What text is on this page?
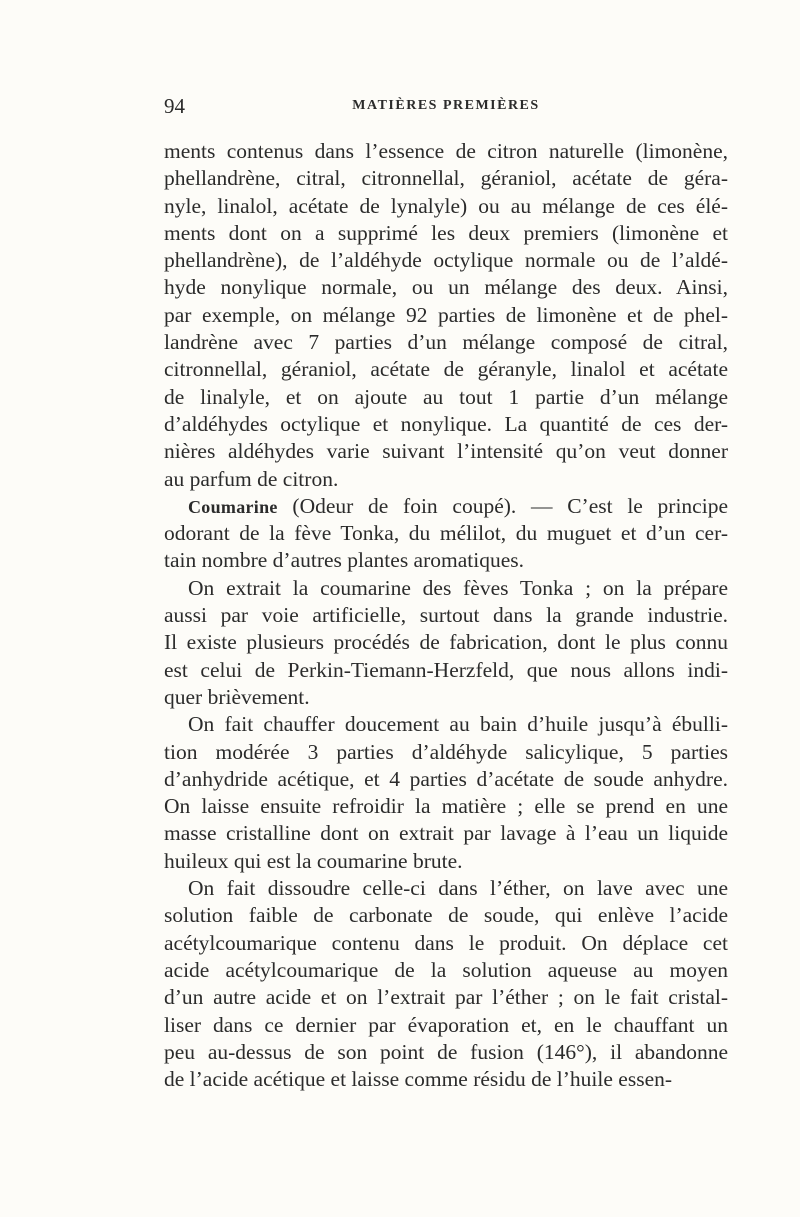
94	MATIÈRES PREMIÈRES
ments contenus dans l’essence de citron naturelle (limonène,
phellandrène, citral, citronnellal, géraniol, acétate de géra-
nyle, linalol, acétate de lynalyle) ou au mélange de ces élé-
ments dont on a supprimé les deux premiers (limonène et
phellandrène), de l’aldéhyde octylique normale ou de l’aldé-
hyde nonylique normale, ou un mélange des deux. Ainsi,
par exemple, on mélange 92 parties de limonène et de phel-
landrène avec 7 parties d’un mélange composé de citral,
citronnellal, géraniol, acétate de géranyle, linalol et acétate
de linalyle, et on ajoute au tout 1 partie d’un mélange
d’aldéhydes octylique et nonylique. La quantité de ces der-
nières aldéhydes varie suivant l’intensité qu’on veut donner
au parfum de citron.
Coumarine (Odeur de foin coupé). — C’est le principe
odorant de la fève Tonka, du mélilot, du muguet et d’un cer-
tain nombre d’autres plantes aromatiques.
On extrait la coumarine des fèves Tonka ; on la prépare
aussi par voie artificielle, surtout dans la grande industrie.
Il existe plusieurs procédés de fabrication, dont le plus connu
est celui de Perkin-Tiemann-Herzfeld, que nous allons indi-
quer brièvement.
On fait chauffer doucement au bain d’huile jusqu’à ébulli-
tion modérée 3 parties d’aldéhyde salicylique, 5 parties
d’anhydride acétique, et 4 parties d’acétate de soude anhydre.
On laisse ensuite refroidir la matière ; elle se prend en une
masse cristalline dont on extrait par lavage à l’eau un liquide
huileux qui est la coumarine brute.
On fait dissoudre celle-ci dans l’éther, on lave avec une
solution faible de carbonate de soude, qui enlève l’acide
acétylcoumarique contenu dans le produit. On déplace cet
acide acétylcoumarique de la solution aqueuse au moyen
d’un autre acide et on l’extrait par l’éther ; on le fait cristal-
liser dans ce dernier par évaporation et, en le chauffant un
peu au-dessus de son point de fusion (146°), il abandonne
de l’acide acétique et laisse comme résidu de l’huile essen-
